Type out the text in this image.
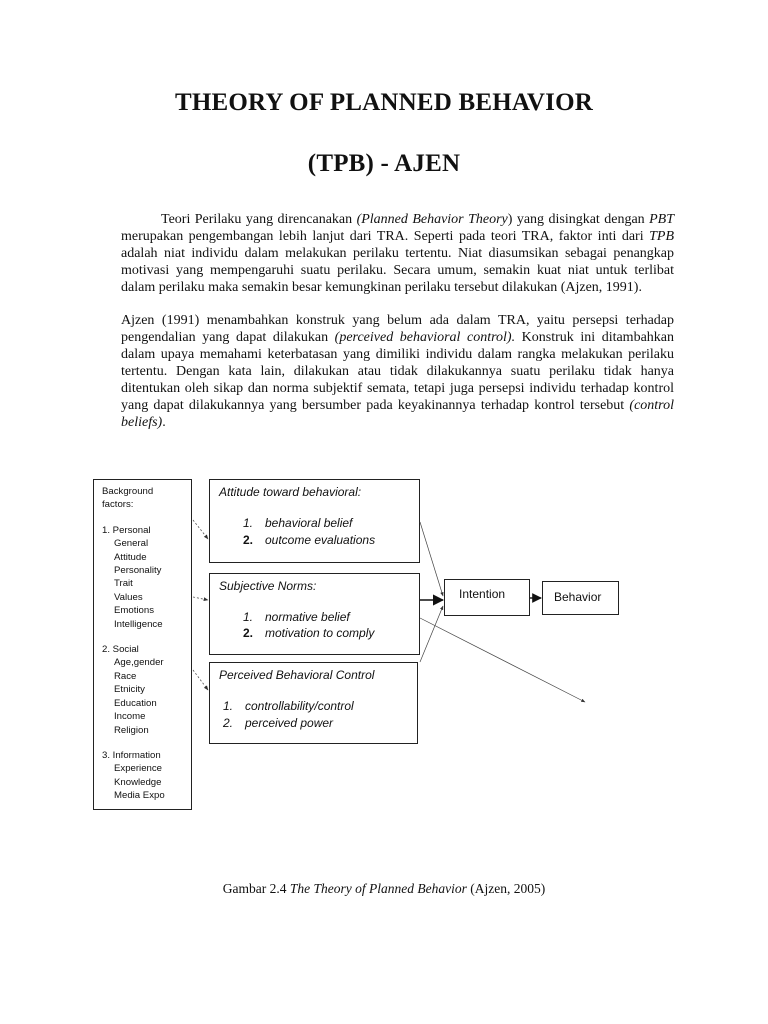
THEORY OF PLANNED BEHAVIOR
(TPB) - AJEN

Teori Perilaku yang direncanakan (Planned Behavior Theory) yang disingkat dengan PBT merupakan pengembangan lebih lanjut dari TRA. Seperti pada teori TRA, faktor inti dari TPB adalah niat individu dalam melakukan perilaku tertentu. Niat diasumsikan sebagai penangkap motivasi yang mempengaruhi suatu perilaku. Secara umum, semakin kuat niat untuk terlibat dalam perilaku maka semakin besar kemungkinan perilaku tersebut dilakukan (Ajzen, 1991).

Ajzen (1991) menambahkan konstruk yang belum ada dalam TRA, yaitu persepsi terhadap pengendalian yang dapat dilakukan (perceived behavioral control). Konstruk ini ditambahkan dalam upaya memahami keterbatasan yang dimiliki individu dalam rangka melakukan perilaku tertentu. Dengan kata lain, dilakukan atau tidak dilakukannya suatu perilaku tidak hanya ditentukan oleh sikap dan norma subjektif semata, tetapi juga persepsi individu terhadap kontrol yang dapat dilakukannya yang bersumber pada keyakinannya terhadap kontrol tersebut (control beliefs).

Background
factors:
1. Personal
General
Attitude
Personality
Trait
Values
Emotions
Intelligence
2. Social
Age,gender
Race
Etnicity
Education
Income
Religion
3. Information
Experience
Knowledge
Media Expo
Attitude toward behavioral:
1. behavioral belief
2. outcome evaluations
Subjective Norms:
1. normative belief
2. motivation to comply
Perceived Behavioral Control
1. controllability/control
2. perceived power
Intention	Behavior

Gambar 2.4 The Theory of Planned Behavior (Ajzen, 2005)
